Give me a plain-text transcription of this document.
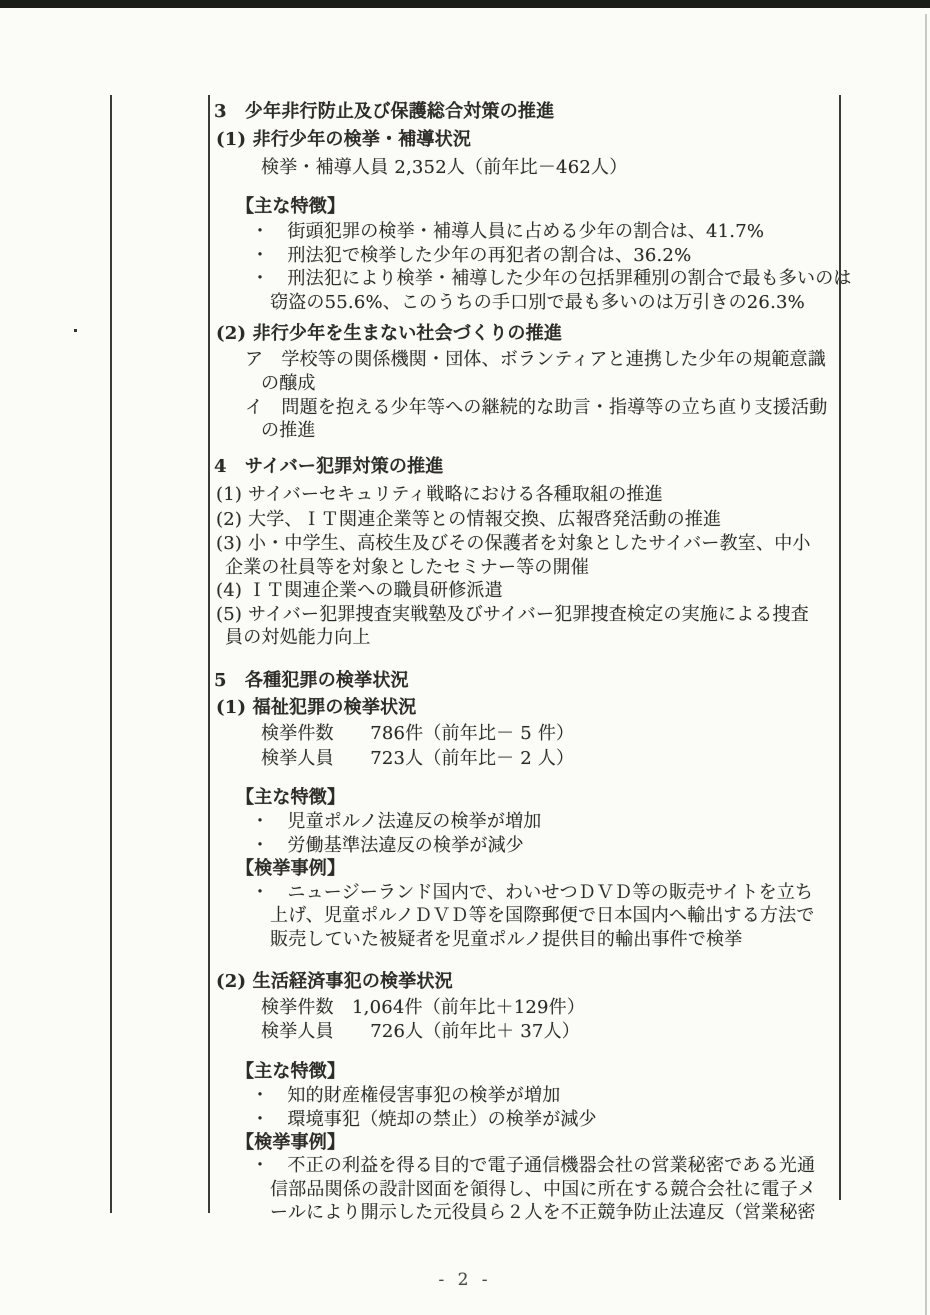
3　少年非行防止及び保護総合対策の推進
(1) 非行少年の検挙・補導状況
検挙・補導人員 2,352人（前年比－462人）
【主な特徴】
・　街頭犯罪の検挙・補導人員に占める少年の割合は、41.7%
・　刑法犯で検挙した少年の再犯者の割合は、36.2%
・　刑法犯により検挙・補導した少年の包括罪種別の割合で最も多いのは
窃盗の55.6%、このうちの手口別で最も多いのは万引きの26.3%
(2) 非行少年を生まない社会づくりの推進
ア　学校等の関係機関・団体、ボランティアと連携した少年の規範意識
の醸成
イ　問題を抱える少年等への継続的な助言・指導等の立ち直り支援活動
の推進
4　サイバー犯罪対策の推進
(1) サイバーセキュリティ戦略における各種取組の推進
(2) 大学、ＩＴ関連企業等との情報交換、広報啓発活動の推進
(3) 小・中学生、高校生及びその保護者を対象としたサイバー教室、中小
企業の社員等を対象としたセミナー等の開催
(4) ＩＴ関連企業への職員研修派遣
(5) サイバー犯罪捜査実戦塾及びサイバー犯罪捜査検定の実施による捜査
員の対処能力向上
5　各種犯罪の検挙状況
(1) 福祉犯罪の検挙状況
検挙件数　　786件（前年比－ 5 件）
検挙人員　　723人（前年比－ 2 人）
【主な特徴】
・　児童ポルノ法違反の検挙が増加
・　労働基準法違反の検挙が減少
【検挙事例】
・　ニュージーランド国内で、わいせつＤＶＤ等の販売サイトを立ち
上げ、児童ポルノＤＶＤ等を国際郵便で日本国内へ輸出する方法で
販売していた被疑者を児童ポルノ提供目的輸出事件で検挙
(2) 生活経済事犯の検挙状況
検挙件数　1,064件（前年比＋129件）
検挙人員　　726人（前年比＋ 37人）
【主な特徴】
・　知的財産権侵害事犯の検挙が増加
・　環境事犯（焼却の禁止）の検挙が減少
【検挙事例】
・　不正の利益を得る目的で電子通信機器会社の営業秘密である光通
信部品関係の設計図面を領得し、中国に所在する競合会社に電子メ
ールにより開示した元役員ら２人を不正競争防止法違反（営業秘密
- 2 -
